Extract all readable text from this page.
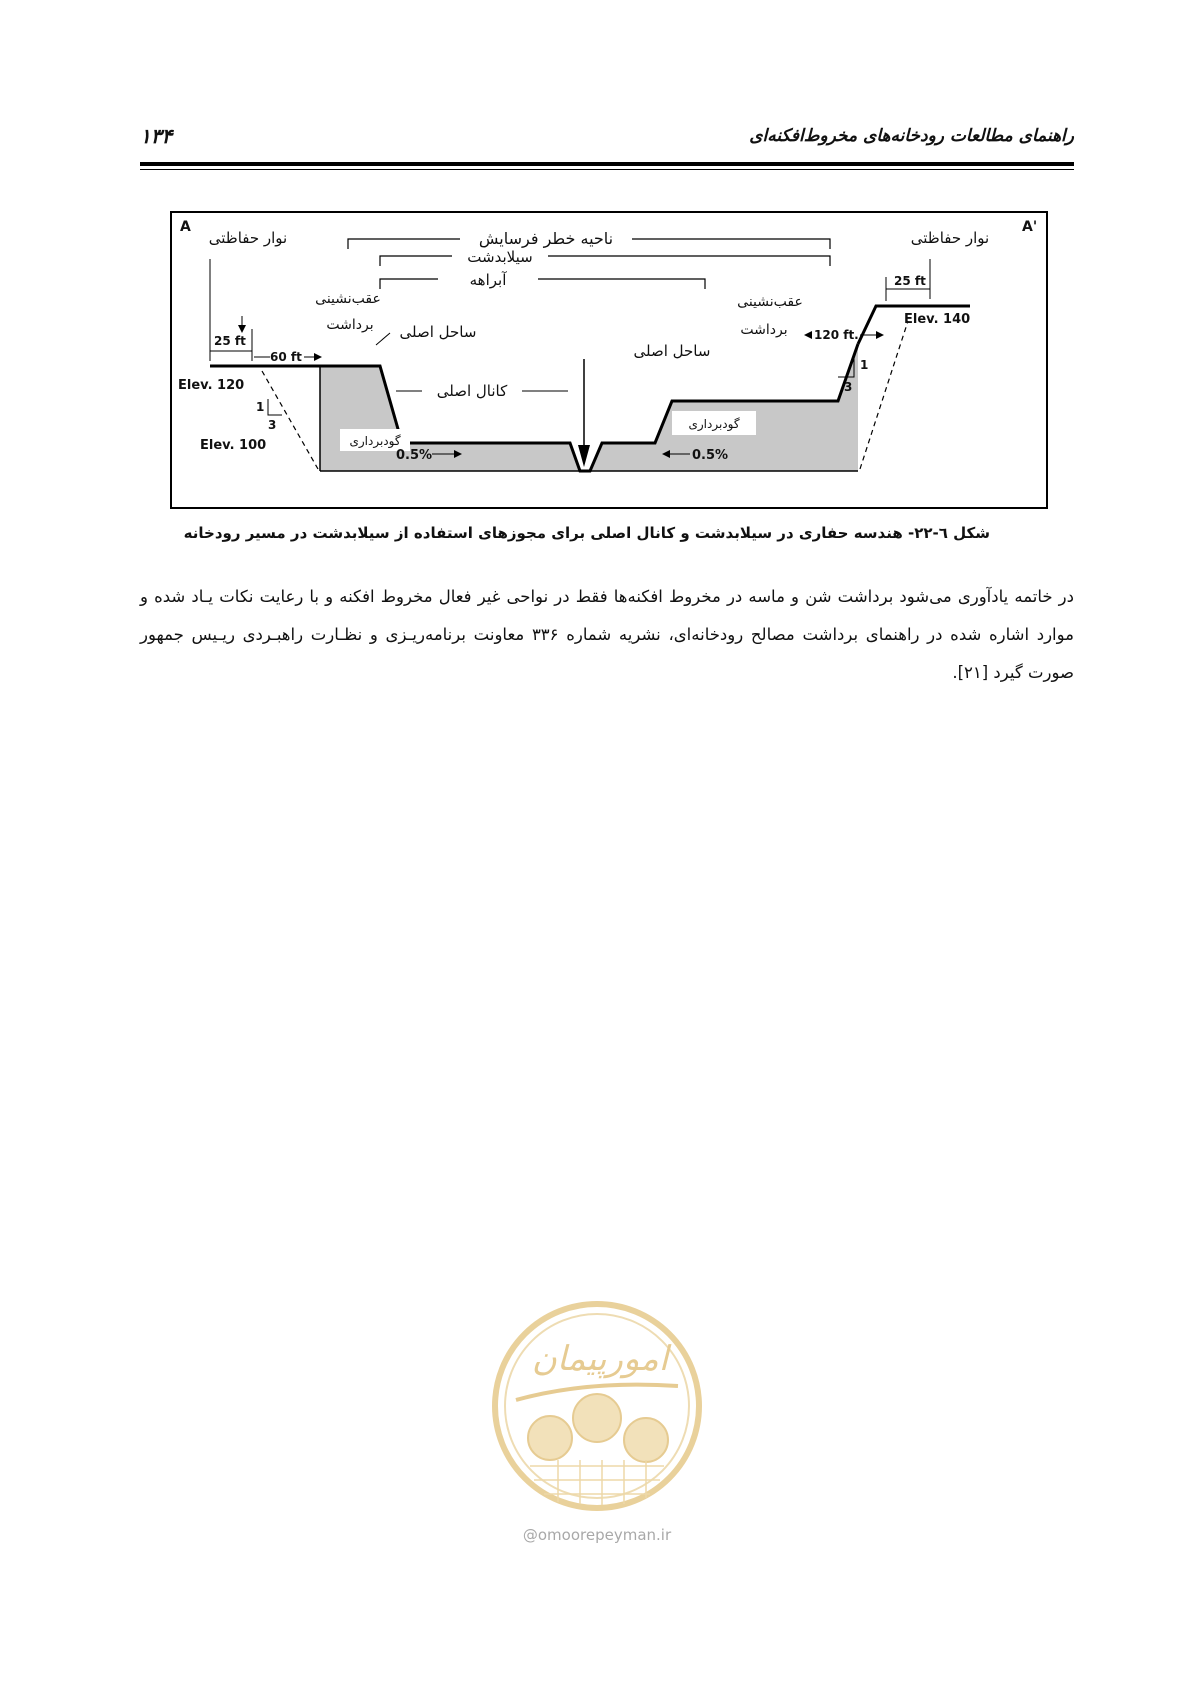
راهنمای مطالعات رودخانه‌های مخروط‌افکنه‌ای
۱۳۴
ناحیه خطر فرسایش
سیلابدشت
آبراهه
A	A'
نوار حفاظتی	نوار حفاظتی
عقب‌نشینی
برداشت
عقب‌نشینی
برداشت
ساحل اصلی
ساحل اصلی
کانال اصلی
گودبرداری
گودبرداری
25 ft
60 ft
Elev. 120
Elev. 100
1
3
0.5%	0.5%
25 ft
Elev. 140
120 ft.
1
3
شکل ٦-۲۲- هندسه حفاری در سیلابدشت و کانال اصلی برای مجوزهای استفاده از سیلابدشت در مسیر رودخانه
در خاتمه یادآوری می‌شود برداشت شن و ماسه در مخروط افکنه‌ها فقط در نواحی غیر فعال مخروط افکنه و با رعایت نکات یـاد شده و موارد اشاره شده در راهنمای برداشت مصالح رودخانه‌ای، نشریه شماره ۳۳۶ معاونت برنامه‌ریـزی و نظـارت راهبـردی ریـیس جمهور صورت گیرد [۲۱].
امورپیمان
@omoorepeyman.ir
